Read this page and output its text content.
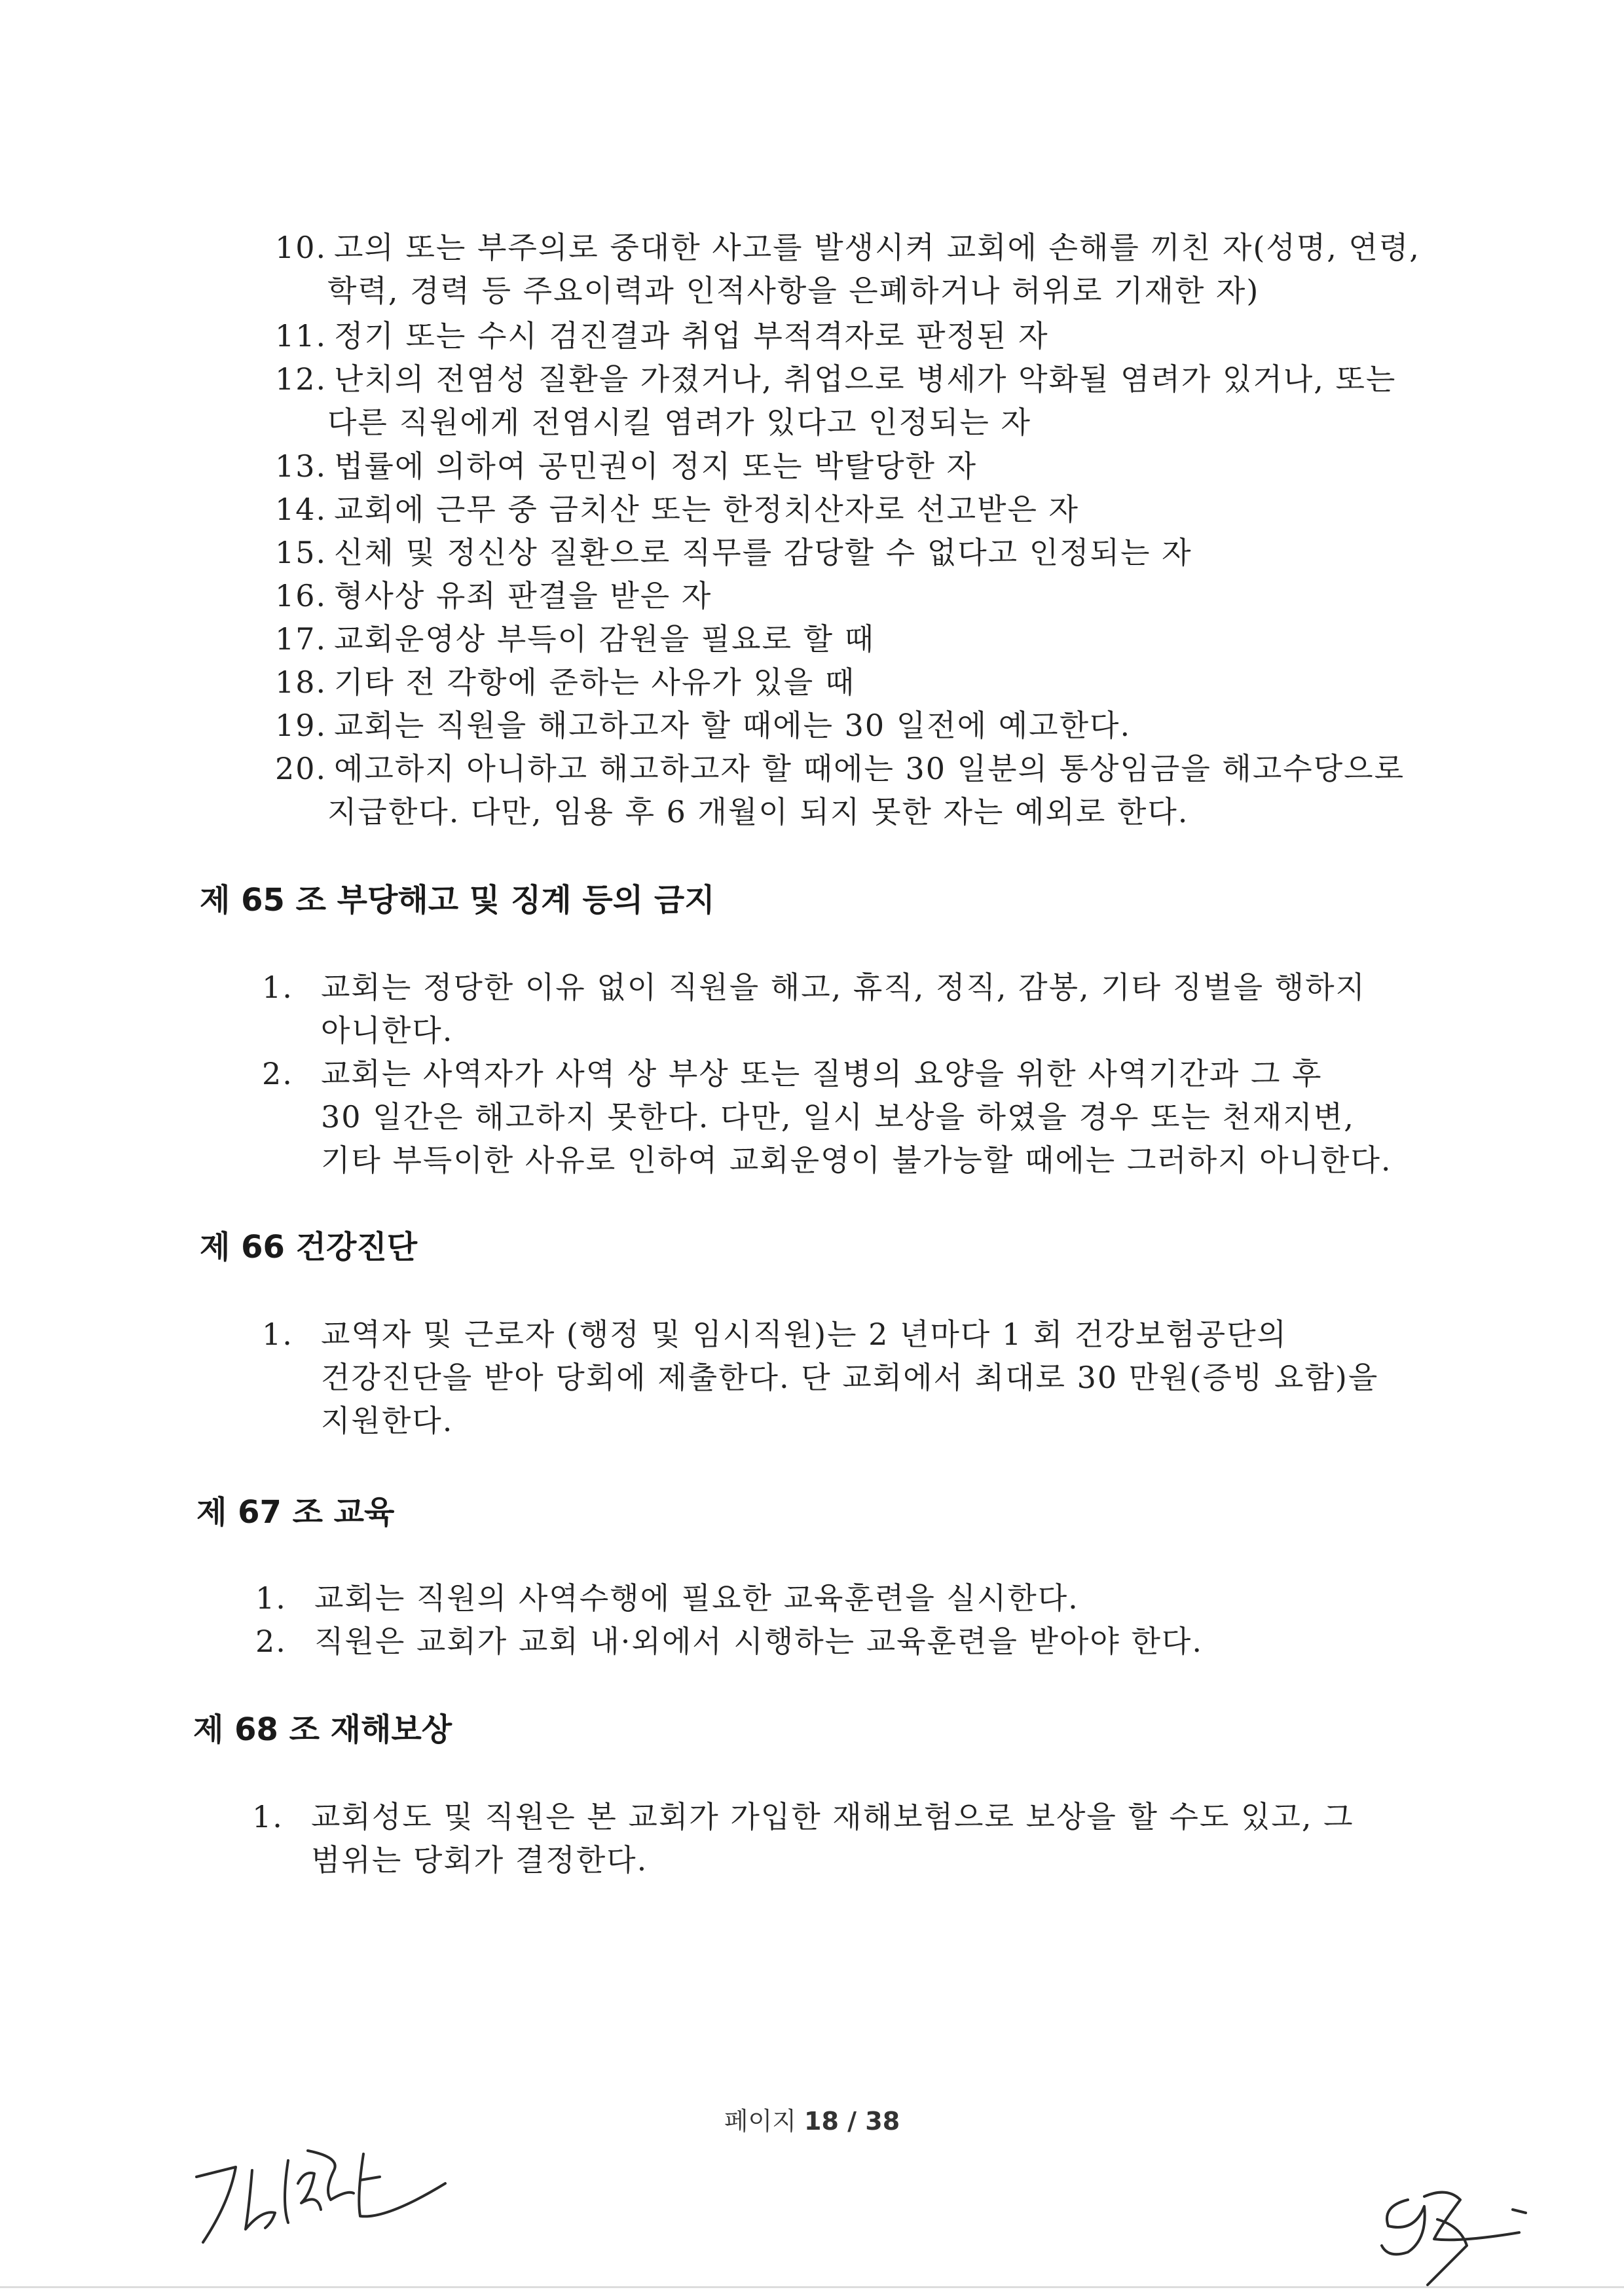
10. 고의 또는 부주의로 중대한 사고를 발생시켜 교회에 손해를 끼친 자(성명, 연령,
학력, 경력 등 주요이력과 인적사항을 은폐하거나 허위로 기재한 자)
11. 정기 또는 수시 검진결과 취업 부적격자로 판정된 자
12. 난치의 전염성 질환을 가졌거나, 취업으로 병세가 악화될 염려가 있거나, 또는
다른 직원에게 전염시킬 염려가 있다고 인정되는 자
13. 법률에 의하여 공민권이 정지 또는 박탈당한 자
14. 교회에 근무 중 금치산 또는 한정치산자로 선고받은 자
15. 신체 및 정신상 질환으로 직무를 감당할 수 없다고 인정되는 자
16. 형사상 유죄 판결을 받은 자
17. 교회운영상 부득이 감원을 필요로 할 때
18. 기타 전 각항에 준하는 사유가 있을 때
19. 교회는 직원을 해고하고자 할 때에는 30 일전에 예고한다.
20. 예고하지 아니하고 해고하고자 할 때에는 30 일분의 통상임금을 해고수당으로
지급한다. 다만, 임용 후 6 개월이 되지 못한 자는 예외로 한다.
제 65 조 부당해고 및 징계 등의 금지
1. 교회는 정당한 이유 없이 직원을 해고, 휴직, 정직, 감봉, 기타 징벌을 행하지
아니한다.
2. 교회는 사역자가 사역 상 부상 또는 질병의 요양을 위한 사역기간과 그 후
30 일간은 해고하지 못한다. 다만, 일시 보상을 하였을 경우 또는 천재지변,
기타 부득이한 사유로 인하여 교회운영이 불가능할 때에는 그러하지 아니한다.
제 66 건강진단
1. 교역자 및 근로자 (행정 및 임시직원)는 2 년마다 1 회 건강보험공단의
건강진단을 받아 당회에 제출한다. 단 교회에서 최대로 30 만원(증빙 요함)을
지원한다.
제 67 조 교육
1. 교회는 직원의 사역수행에 필요한 교육훈련을 실시한다.
2. 직원은 교회가 교회 내·외에서 시행하는 교육훈련을 받아야 한다.
제 68 조 재해보상
1. 교회성도 및 직원은 본 교회가 가입한 재해보험으로 보상을 할 수도 있고, 그
범위는 당회가 결정한다.
페이지 18 / 38
